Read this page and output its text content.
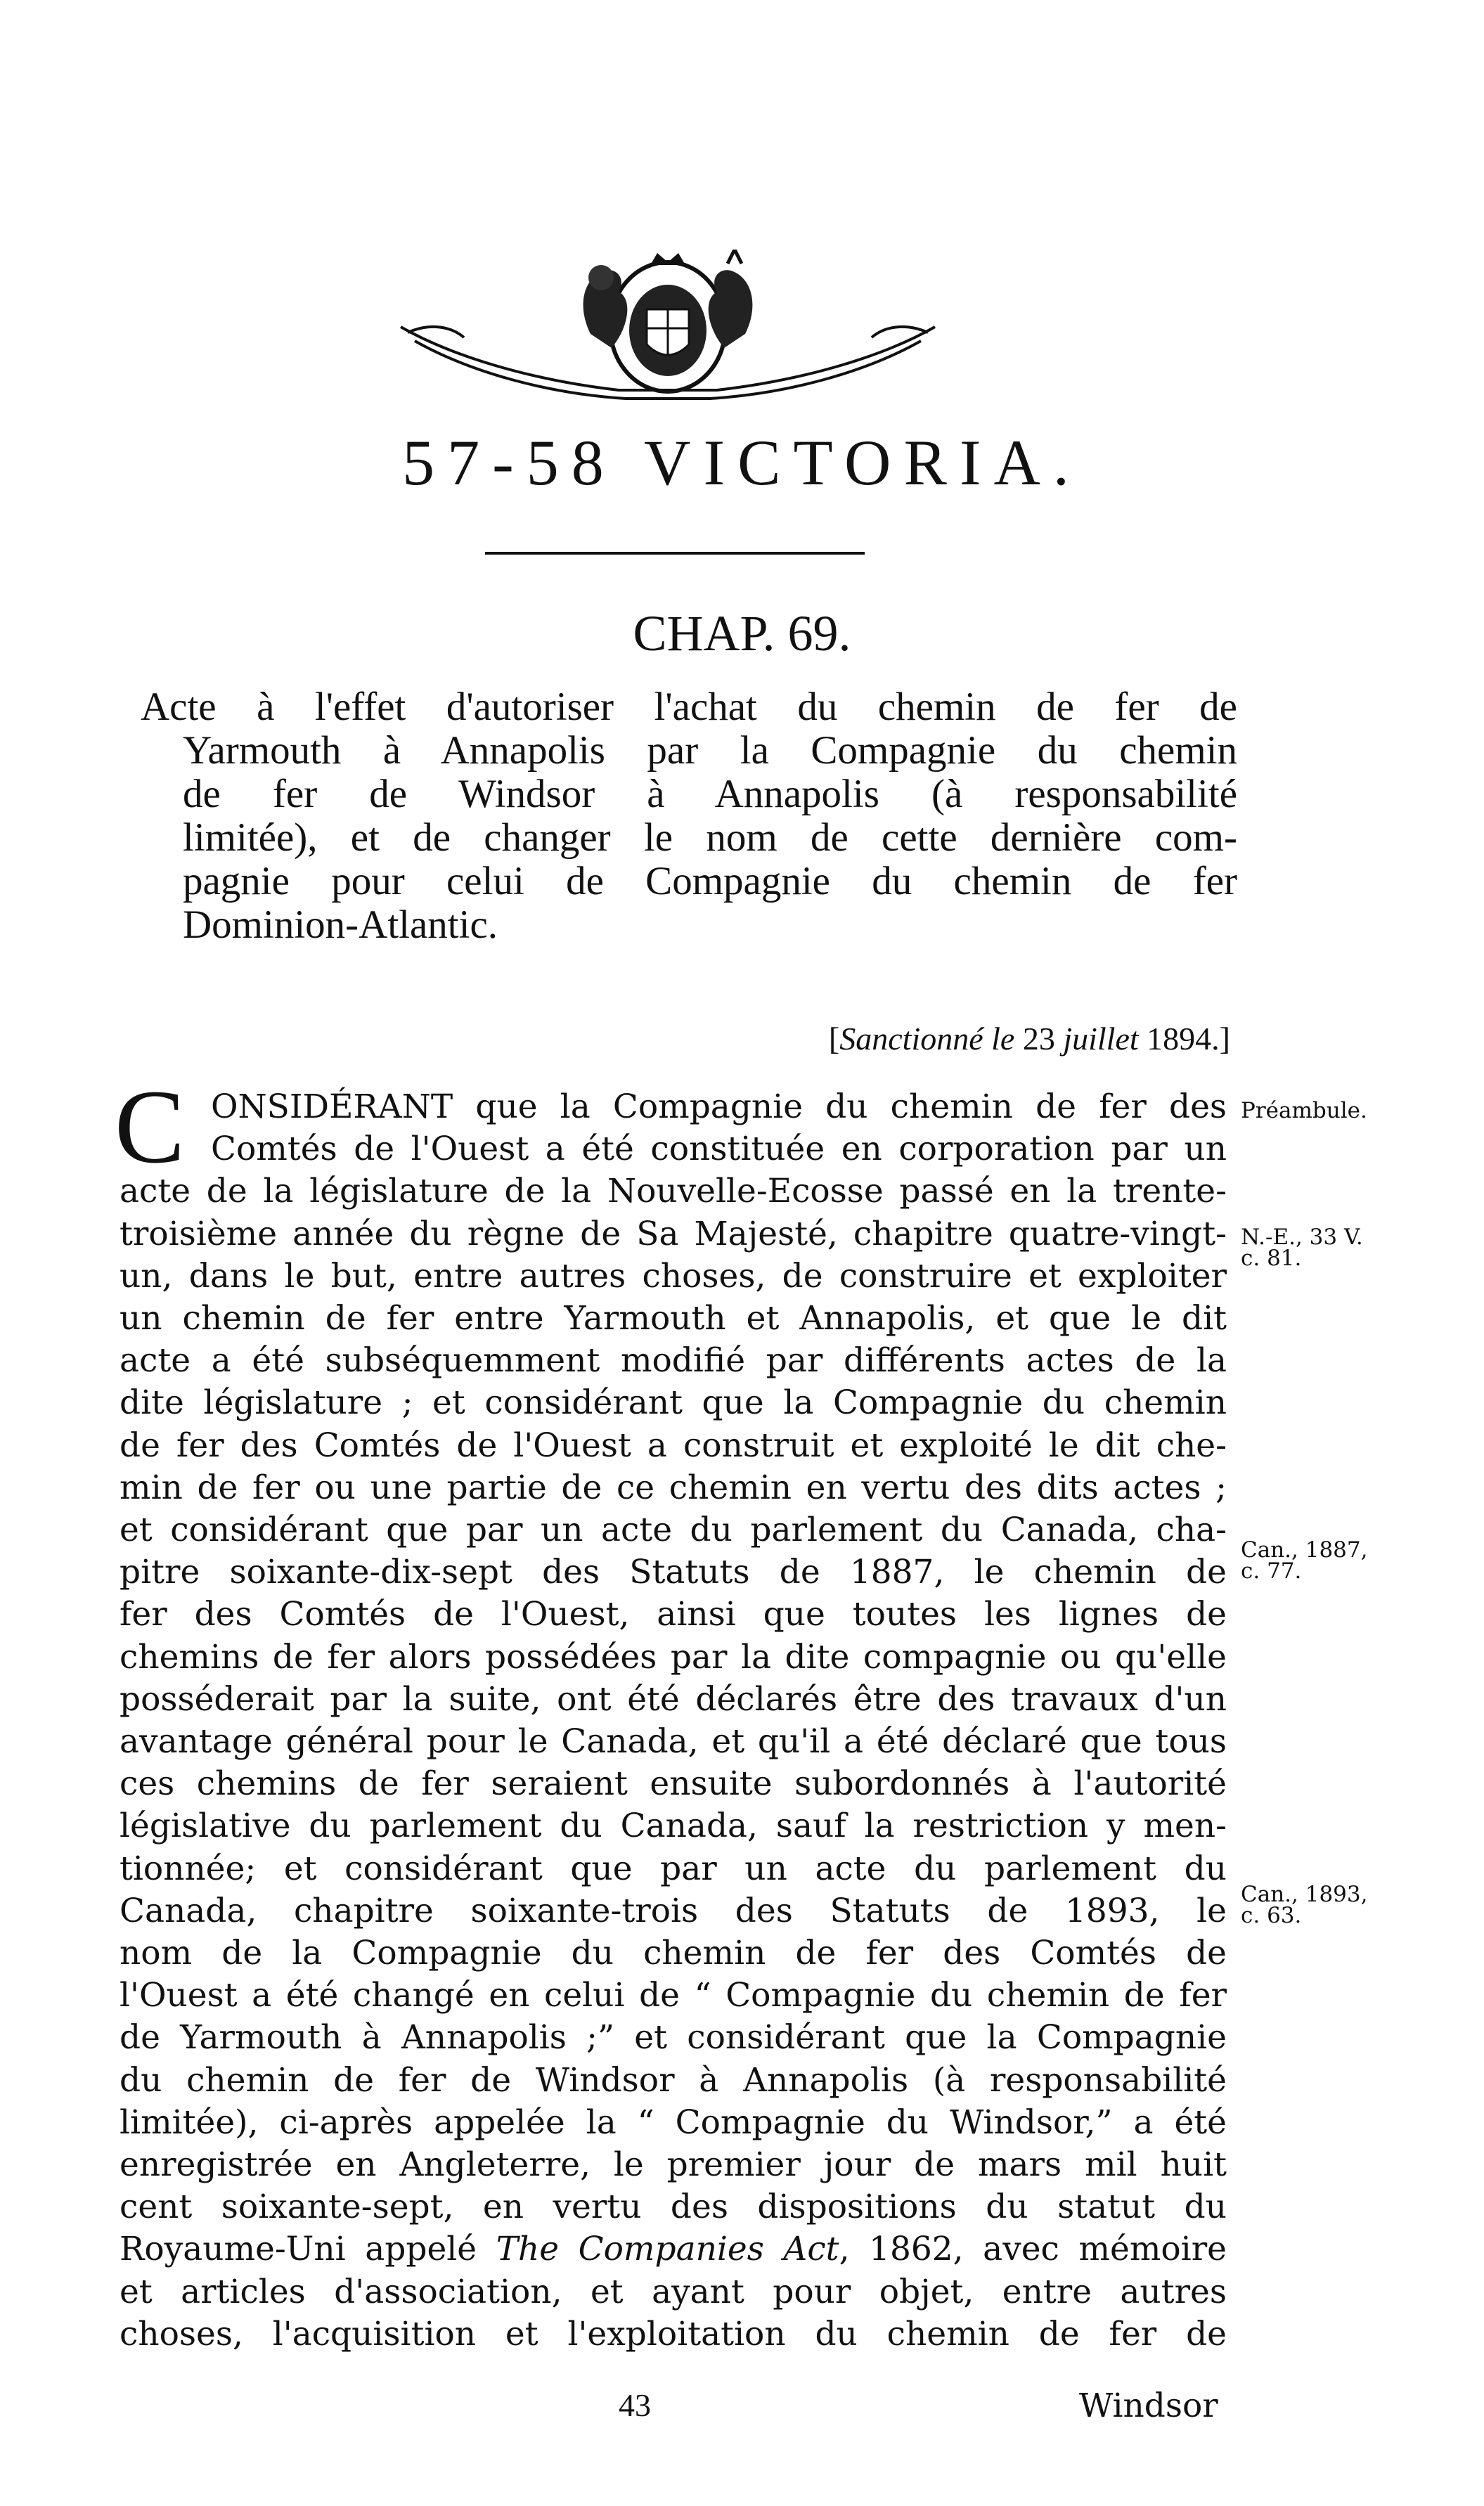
57-58 VICTORIA.
CHAP. 69.
Acte à l'effet d'autoriser l'achat du chemin de fer de
Yarmouth à Annapolis par la Compagnie du chemin
de fer de Windsor à Annapolis (à responsabilité
limitée), et de changer le nom de cette dernière com-
pagnie pour celui de Compagnie du chemin de fer
Dominion-Atlantic.
[Sanctionné le 23 juillet 1894.]
C ONSIDÉRANT que la Compagnie du chemin de fer des
Comtés de l'Ouest a été constituée en corporation par un
acte de la législature de la Nouvelle-Ecosse passé en la trente-
troisième année du règne de Sa Majesté, chapitre quatre-vingt-
un, dans le but, entre autres choses, de construire et exploiter
un chemin de fer entre Yarmouth et Annapolis, et que le dit
acte a été subséquemment modifié par différents actes de la
dite législature ; et considérant que la Compagnie du chemin
de fer des Comtés de l'Ouest a construit et exploité le dit che-
min de fer ou une partie de ce chemin en vertu des dits actes ;
et considérant que par un acte du parlement du Canada, cha-
pitre soixante-dix-sept des Statuts de 1887, le chemin de
fer des Comtés de l'Ouest, ainsi que toutes les lignes de
chemins de fer alors possédées par la dite compagnie ou qu'elle
posséderait par la suite, ont été déclarés être des travaux d'un
avantage général pour le Canada, et qu'il a été déclaré que tous
ces chemins de fer seraient ensuite subordonnés à l'autorité
législative du parlement du Canada, sauf la restriction y men-
tionnée; et considérant que par un acte du parlement du
Canada, chapitre soixante-trois des Statuts de 1893, le
nom de la Compagnie du chemin de fer des Comtés de
l'Ouest a été changé en celui de “ Compagnie du chemin de fer
de Yarmouth à Annapolis ;” et considérant que la Compagnie
du chemin de fer de Windsor à Annapolis (à responsabilité
limitée), ci-après appelée la “ Compagnie du Windsor,” a été
enregistrée en Angleterre, le premier jour de mars mil huit
cent soixante-sept, en vertu des dispositions du statut du
Royaume-Uni appelé The Companies Act, 1862, avec mémoire
et articles d'association, et ayant pour objet, entre autres
choses, l'acquisition et l'exploitation du chemin de fer de
Préambule.
N.-E., 33 V.
c. 81.
Can., 1887,
c. 77.
Can., 1893,
c. 63.
43	Windsor
